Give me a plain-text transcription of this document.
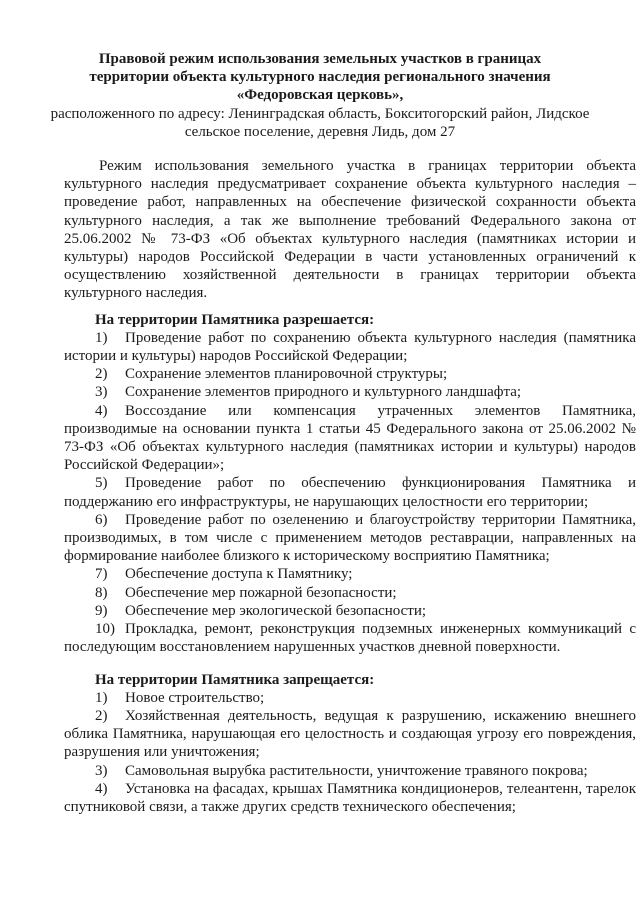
Правовой режим использования земельных участков в границах
территории объекта культурного наследия регионального значения
«Федоровская церковь»,
расположенного по адресу: Ленинградская область, Бокситогорский район, Лидское
сельское поселение, деревня Лидь, дом 27

Режим использования земельного участка в границах территории объекта культурного наследия предусматривает сохранение объекта культурного наследия – проведение работ, направленных на обеспечение физической сохранности объекта культурного наследия, а так же выполнение требований Федерального закона от 25.06.2002 № 73-ФЗ «Об объектах культурного наследия (памятниках истории и культуры) народов Российской Федерации в части установленных ограничений к осуществлению хозяйственной деятельности в границах территории объекта культурного наследия.

На территории Памятника разрешается:

1) Проведение работ по сохранению объекта культурного наследия (памятника истории и культуры) народов Российской Федерации;

2) Сохранение элементов планировочной структуры;

3) Сохранение элементов природного и культурного ландшафта;

4) Воссоздание или компенсация утраченных элементов Памятника, производимые на основании пункта 1 статьи 45 Федерального закона от 25.06.2002 № 73-ФЗ «Об объектах культурного наследия (памятниках истории и культуры) народов Российской Федерации»;

5) Проведение работ по обеспечению функционирования Памятника и поддержанию его инфраструктуры, не нарушающих целостности его территории;

6) Проведение работ по озеленению и благоустройству территории Памятника, производимых, в том числе с применением методов реставрации, направленных на формирование наиболее близкого к историческому восприятию Памятника;

7) Обеспечение доступа к Памятнику;

8) Обеспечение мер пожарной безопасности;

9) Обеспечение мер экологической безопасности;

10) Прокладка, ремонт, реконструкция подземных инженерных коммуникаций с последующим восстановлением нарушенных участков дневной поверхности.

На территории Памятника запрещается:

1) Новое строительство;

2) Хозяйственная деятельность, ведущая к разрушению, искажению внешнего облика Памятника, нарушающая его целостность и создающая угрозу его повреждения, разрушения или уничтожения;

3) Самовольная вырубка растительности, уничтожение травяного покрова;

4) Установка на фасадах, крышах Памятника кондиционеров, телеантенн, тарелок спутниковой связи, а также других средств технического обеспечения;
